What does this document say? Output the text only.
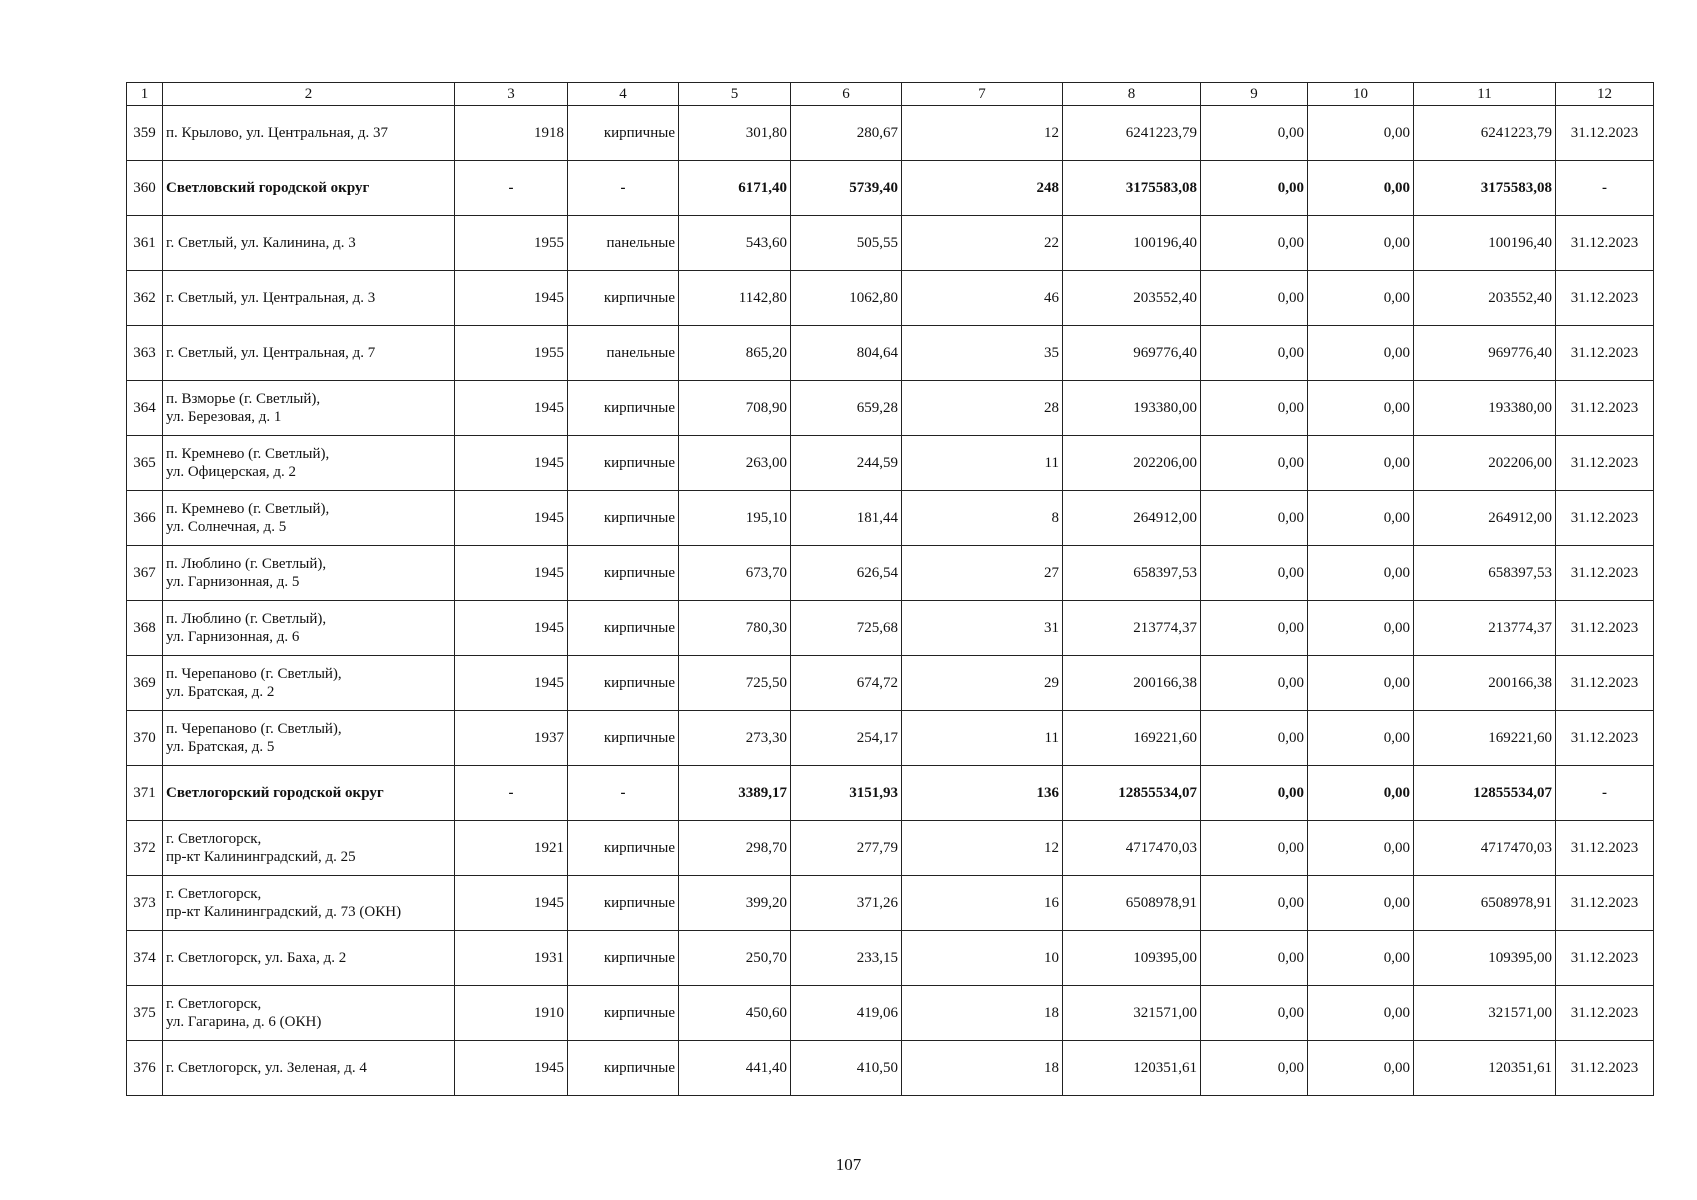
1	2	3	4	5	6	7	8	9	10	11	12
359	п. Крылово, ул. Центральная, д. 37	1918	кирпичные	301,80	280,67	12	6241223,79	0,00	0,00	6241223,79	31.12.2023
360	Светловский городской округ	-	-	6171,40	5739,40	248	3175583,08	0,00	0,00	3175583,08	-
361	г. Светлый, ул. Калинина, д. 3	1955	панельные	543,60	505,55	22	100196,40	0,00	0,00	100196,40	31.12.2023
362	г. Светлый, ул. Центральная, д. 3	1945	кирпичные	1142,80	1062,80	46	203552,40	0,00	0,00	203552,40	31.12.2023
363	г. Светлый, ул. Центральная, д. 7	1955	панельные	865,20	804,64	35	969776,40	0,00	0,00	969776,40	31.12.2023
364	п. Взморье (г. Светлый),
ул. Березовая, д. 1	1945	кирпичные	708,90	659,28	28	193380,00	0,00	0,00	193380,00	31.12.2023
365	п. Кремнево (г. Светлый),
ул. Офицерская, д. 2	1945	кирпичные	263,00	244,59	11	202206,00	0,00	0,00	202206,00	31.12.2023
366	п. Кремнево (г. Светлый),
ул. Солнечная, д. 5	1945	кирпичные	195,10	181,44	8	264912,00	0,00	0,00	264912,00	31.12.2023
367	п. Люблино (г. Светлый),
ул. Гарнизонная, д. 5	1945	кирпичные	673,70	626,54	27	658397,53	0,00	0,00	658397,53	31.12.2023
368	п. Люблино (г. Светлый),
ул. Гарнизонная, д. 6	1945	кирпичные	780,30	725,68	31	213774,37	0,00	0,00	213774,37	31.12.2023
369	п. Черепаново (г. Светлый),
ул. Братская, д. 2	1945	кирпичные	725,50	674,72	29	200166,38	0,00	0,00	200166,38	31.12.2023
370	п. Черепаново (г. Светлый),
ул. Братская, д. 5	1937	кирпичные	273,30	254,17	11	169221,60	0,00	0,00	169221,60	31.12.2023
371	Светлогорский городской округ	-	-	3389,17	3151,93	136	12855534,07	0,00	0,00	12855534,07	-
372	г. Светлогорск,
пр-кт Калининградский, д. 25	1921	кирпичные	298,70	277,79	12	4717470,03	0,00	0,00	4717470,03	31.12.2023
373	г. Светлогорск,
пр-кт Калининградский, д. 73 (ОКН)	1945	кирпичные	399,20	371,26	16	6508978,91	0,00	0,00	6508978,91	31.12.2023
374	г. Светлогорск, ул. Баха, д. 2	1931	кирпичные	250,70	233,15	10	109395,00	0,00	0,00	109395,00	31.12.2023
375	г. Светлогорск,
ул. Гагарина, д. 6 (ОКН)	1910	кирпичные	450,60	419,06	18	321571,00	0,00	0,00	321571,00	31.12.2023
376	г. Светлогорск, ул. Зеленая, д. 4	1945	кирпичные	441,40	410,50	18	120351,61	0,00	0,00	120351,61	31.12.2023
107
